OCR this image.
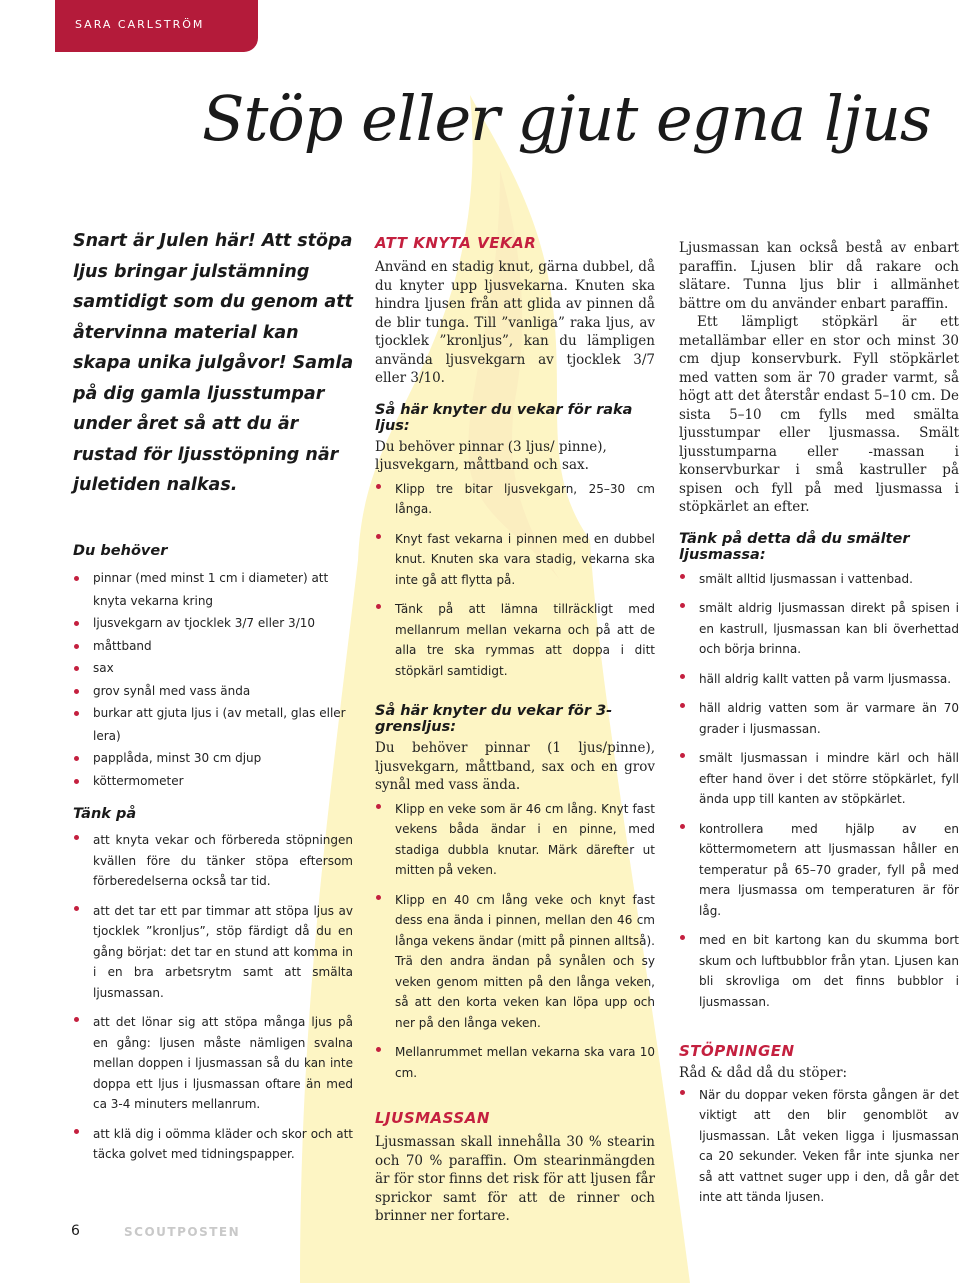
SARA CARLSTRÖM
Stöp eller gjut egna ljus
Snart är Julen här! Att stöpa ljus bringar julstämning samtidigt som du genom att återvinna material kan skapa unika julgåvor! Samla på dig gamla ljusstumpar under året så att du är rustad för ljusstöpning när juletiden nalkas.
Du behöver
pinnar (med minst 1 cm i diameter) att knyta vekarna kring
ljusvekgarn av tjocklek 3/7 eller 3/10
måttband
sax
grov synål med vass ända
burkar att gjuta ljus i (av metall, glas eller lera)
papplåda, minst 30 cm djup
köttermometer
Tänk på
att knyta vekar och förbereda stöpningen kvällen före du tänker stöpa eftersom förberedelserna också tar tid.
att det tar ett par timmar att stöpa ljus av tjocklek ”kronljus”, stöp färdigt då du en gång börjat: det tar en stund att komma in i en bra arbetsrytm samt att smälta ljusmassan.
att det lönar sig att stöpa många ljus på en gång: ljusen måste nämligen svalna mellan doppen i ljusmassan så du kan inte doppa ett ljus i ljusmassan oftare än med ca 3-4 minuters mellanrum.
att klä dig i oömma kläder och skor och att täcka golvet med tidningspapper.
ATT KNYTA VEKAR

Använd en stadig knut, gärna dubbel, då du knyter upp ljusvekarna. Knuten ska hindra ljusen från att glida av pinnen då de blir tunga. Till ”vanliga” raka ljus, av tjocklek ”kronljus”, kan du lämpligen använda ljusvekgarn av tjocklek 3/7 eller 3/10.

Så här knyter du vekar för raka ljus:

Du behöver pinnar (3 ljus/ pinne), ljusvekgarn, måttband och sax.

Klipp tre bitar ljusvekgarn, 25–30 cm långa.
Knyt fast vekarna i pinnen med en dubbel knut. Knuten ska vara stadig, vekarna ska inte gå att flytta på.
Tänk på att lämna tillräckligt med mellanrum mellan vekarna och på att de alla tre ska rymmas att doppa i ditt stöpkärl samtidigt.
Så här knyter du vekar för 3-grensljus:

Du behöver pinnar (1 ljus/pinne), ljusvekgarn, måttband, sax och en grov synål med vass ända.

Klipp en veke som är 46 cm lång. Knyt fast vekens båda ändar i en pinne, med stadiga dubbla knutar. Märk därefter ut mitten på veken.
Klipp en 40 cm lång veke och knyt fast dess ena ända i pinnen, mellan den 46 cm långa vekens ändar (mitt på pinnen alltså). Trä den andra ändan på synålen och sy veken genom mitten på den långa veken, så att den korta veken kan löpa upp och ner på den långa veken.
Mellanrummet mellan vekarna ska vara 10 cm.
LJUSMASSAN

Ljusmassan skall innehålla 30 % stearin och 70 % paraffin. Om stearinmängden är för stor finns det risk för att ljusen får sprickor samt för att de rinner och brinner ner fortare.

Ljusmassan kan också bestå av enbart paraffin. Ljusen blir då rakare och slätare. Tunna ljus blir i allmänhet bättre om du använder enbart paraffin.

Ett lämpligt stöpkärl är ett metallämbar eller en stor och minst 30 cm djup konservburk. Fyll stöpkärlet med vatten som är 70 grader varmt, så högt att det återstår endast 5–10 cm. De sista 5–10 cm fylls med smälta ljusstumpar eller ljusmassa. Smält ljusstumparna eller -massan i konservburkar i små kastruller på spisen och fyll på med ljusmassa i stöpkärlet an efter.

Tänk på detta då du smälter ljusmassa:
smält alltid ljusmassan i vattenbad.
smält aldrig ljusmassan direkt på spisen i en kastrull, ljusmassan kan bli överhettad och börja brinna.
häll aldrig kallt vatten på varm ljusmassa.
häll aldrig vatten som är varmare än 70 grader i ljusmassan.
smält ljusmassan i mindre kärl och häll efter hand över i det större stöpkärlet, fyll ända upp till kanten av stöpkärlet.
kontrollera med hjälp av en köttermometern att ljusmassan håller en temperatur på 65–70 grader, fyll på med mera ljusmassa om temperaturen är för låg.
med en bit kartong kan du skumma bort skum och luftbubblor från ytan. Ljusen kan bli skrovliga om det finns bubblor i ljusmassan.
STÖPNINGEN

Råd & dåd då du stöper:

När du doppar veken första gången är det viktigt att den blir genomblöt av ljusmassan. Låt veken ligga i ljusmassan ca 20 sekunder. Veken får inte sjunka ner så att vattnet suger upp i den, då går det inte att tända ljusen.
6	SCOUTPOSTEN
